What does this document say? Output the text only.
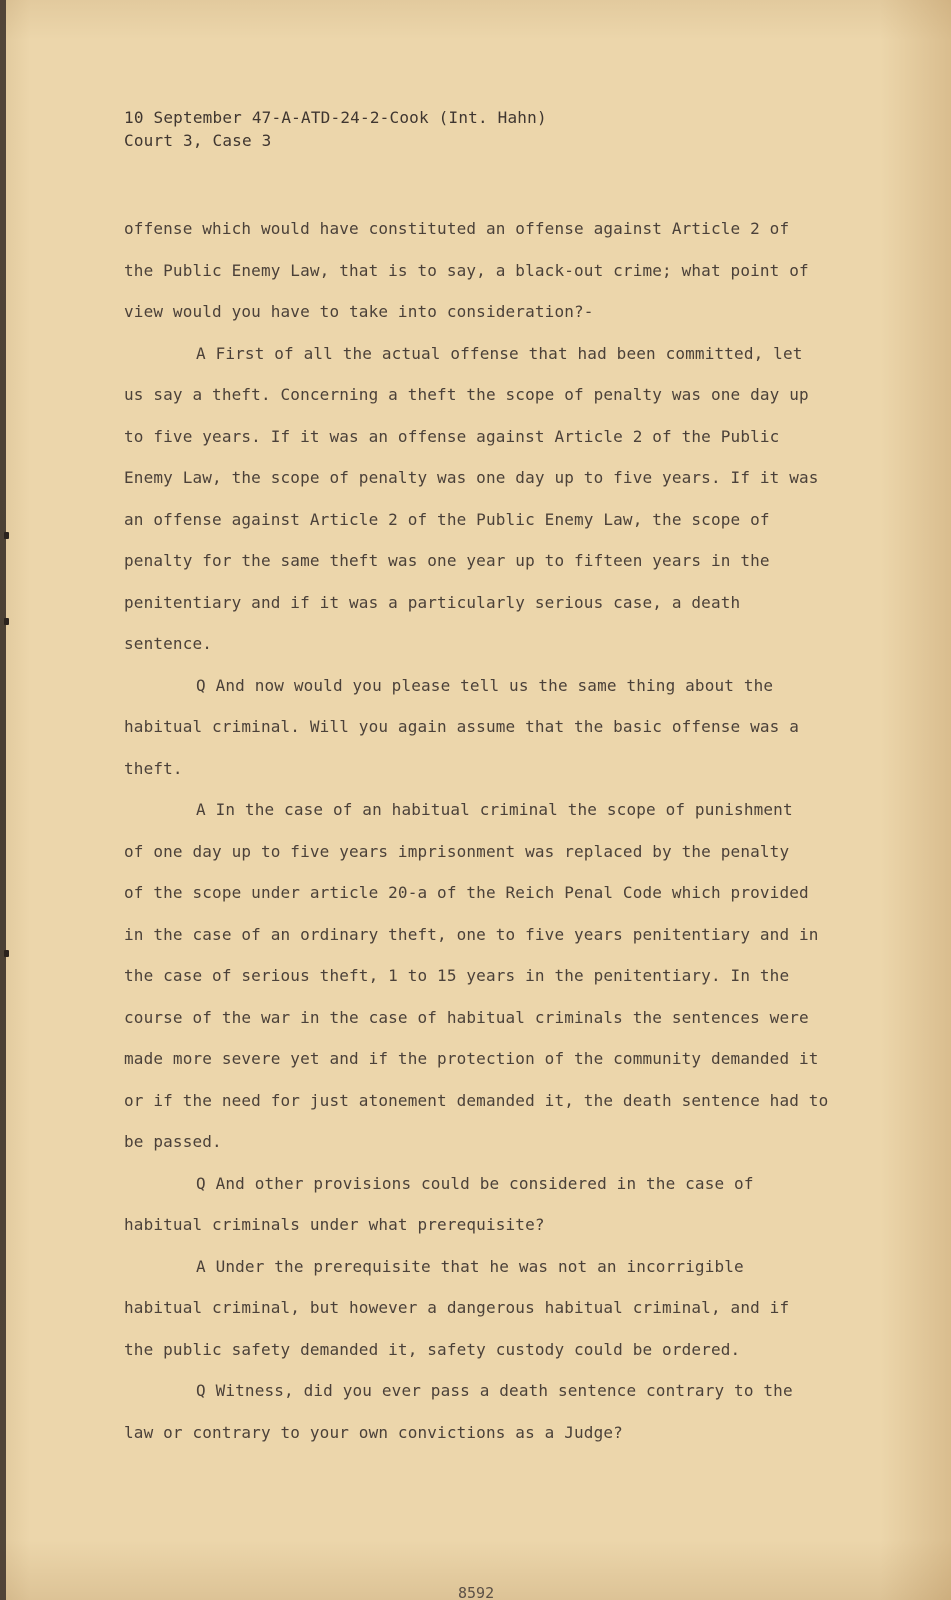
10 September 47-A-ATD-24-2-Cook (Int. Hahn)
Court 3, Case 3
offense which would have constituted an offense against Article 2 of
the Public Enemy Law, that is to say, a black-out crime; what point of
view would you have to take into consideration?-
A First of all the actual offense that had been committed, let
us say a theft. Concerning a theft the scope of penalty was one day up
to five years. If it was an offense against Article 2 of the Public
Enemy Law, the scope of penalty was one day up to five years. If it was
an offense against Article 2 of the Public Enemy Law, the scope of
penalty for the same theft was one year up to fifteen years in the
penitentiary and if it was a particularly serious case, a death
sentence.
Q And now would you please tell us the same thing about the
habitual criminal. Will you again assume that the basic offense was a
theft.
A In the case of an habitual criminal the scope of punishment
of one day up to five years imprisonment was replaced by the penalty
of the scope under article 20-a of the Reich Penal Code which provided
in the case of an ordinary theft, one to five years penitentiary and in
the case of serious theft, 1 to 15 years in the penitentiary. In the
course of the war in the case of habitual criminals the sentences were
made more severe yet and if the protection of the community demanded it
or if the need for just atonement demanded it, the death sentence had to
be passed.
Q And other provisions could be considered in the case of
habitual criminals under what prerequisite?
A Under the prerequisite that he was not an incorrigible
habitual criminal, but however a dangerous habitual criminal, and if
the public safety demanded it, safety custody could be ordered.
Q Witness, did you ever pass a death sentence contrary to the
law or contrary to your own convictions as a Judge?
8592
